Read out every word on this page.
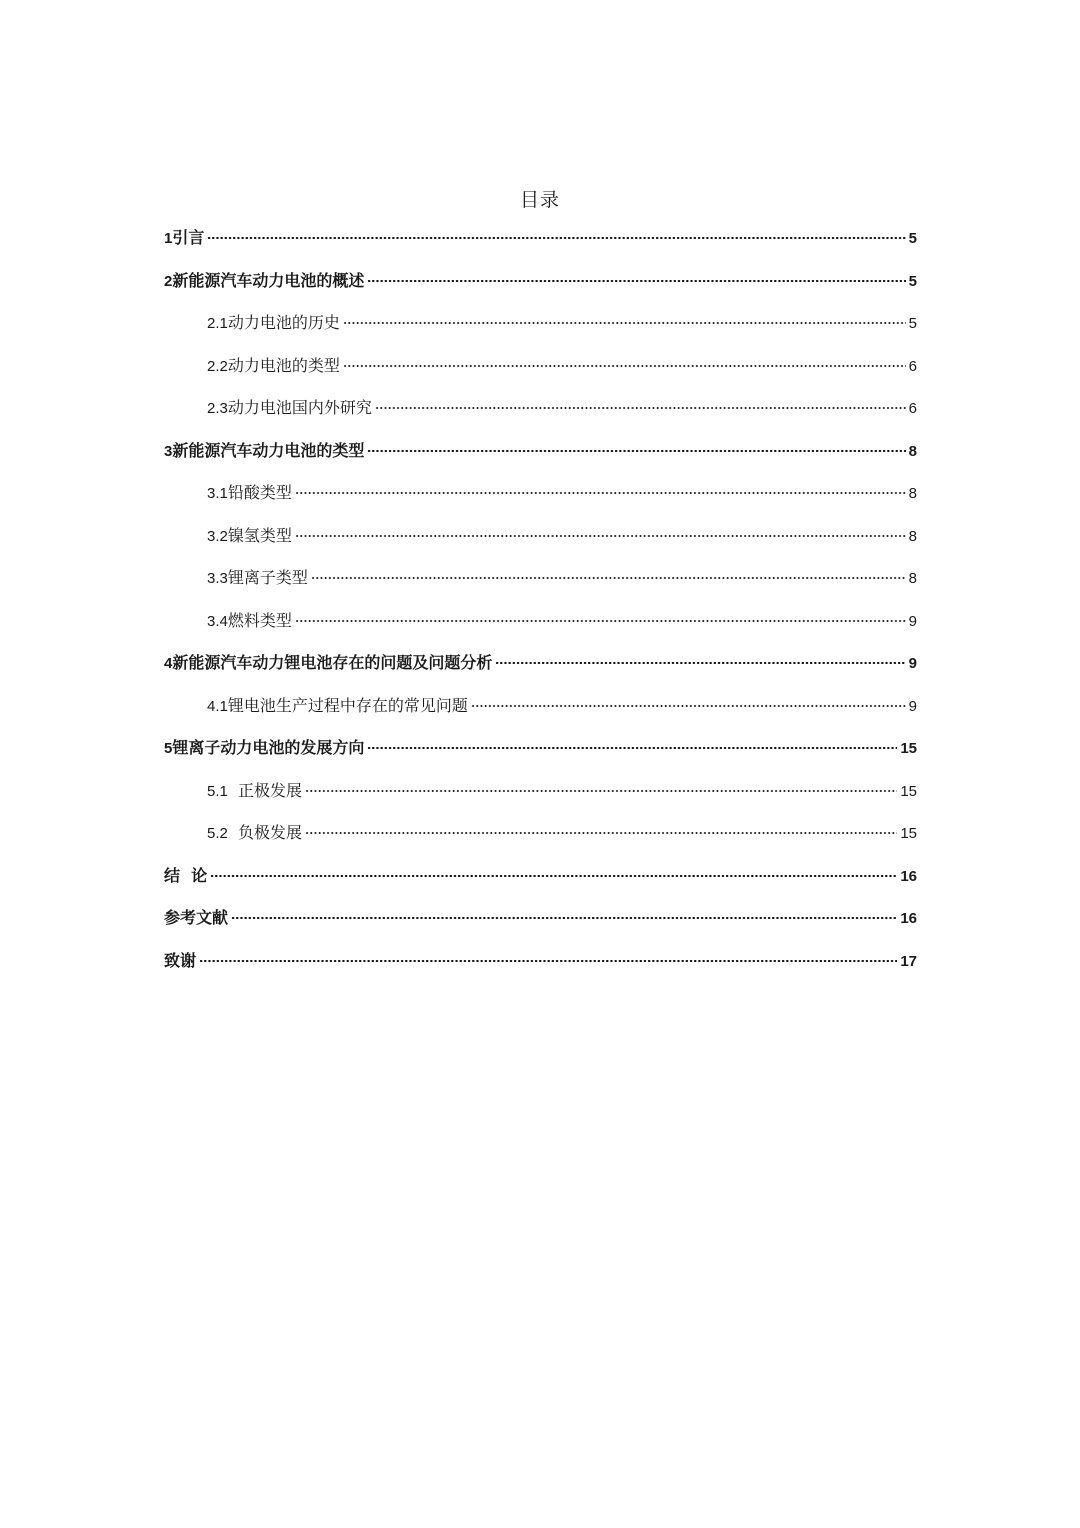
目录
1 引言	5
2 新能源汽车动力电池的概述	5
2.1 动力电池的历史	5
2.2 动力电池的类型	6
2.3 动力电池国内外研究	6
3 新能源汽车动力电池的类型	8
3.1 铅酸类型	8
3.2 镍氢类型	8
3.3 锂离子类型	8
3.4 燃料类型	9
4 新能源汽车动力锂电池存在的问题及问题分析	9
4.1 锂电池生产过程中存在的常见问题	9
5 锂离子动力电池的发展方向	15
5.1 正极发展	15
5.2 负极发展	15
结  论	16
参考文献	16
致谢	17
